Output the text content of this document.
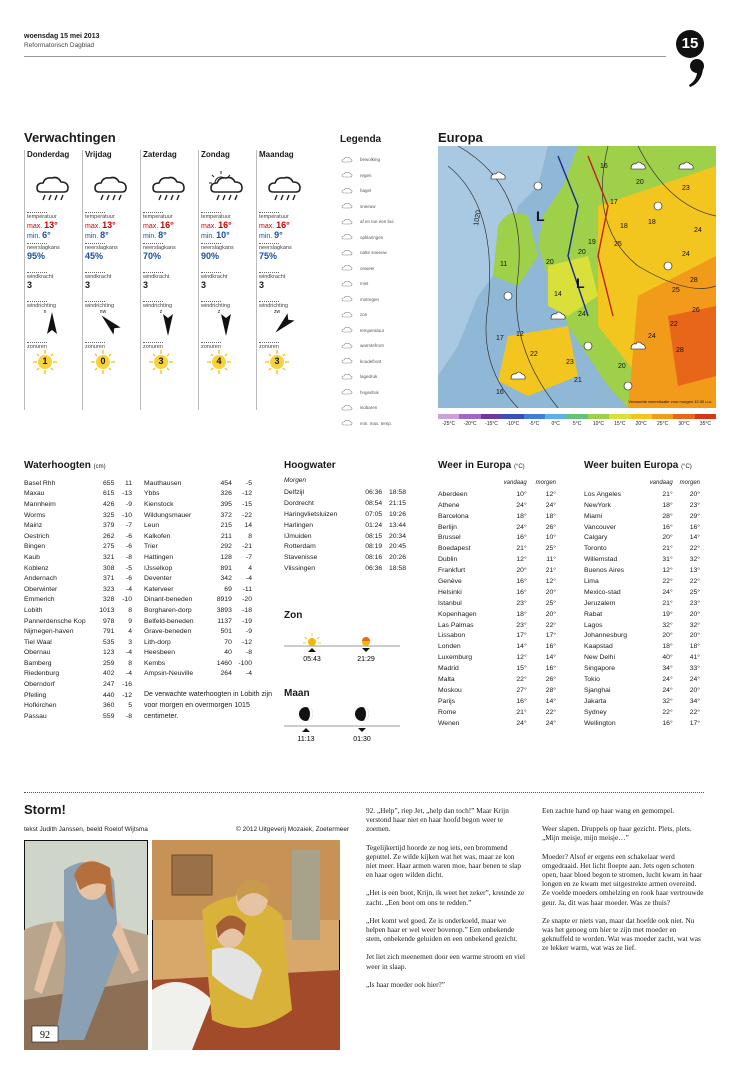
woensdag 15 mei 2013
Reformatorisch Dagblad	15
Verwachtingen
Donderdag
temperatuur
max. 13°
min. 6°
neerslagkans
95%
windkracht
3
windrichting
n
zonuren
1
Vrijdag
temperatuur
max. 13°
min. 8°
neerslagkans
45%
windkracht
3
windrichting
nw
zonuren
0
Zaterdag
temperatuur
max. 16°
min. 8°
neerslagkans
70%
windkracht
3
windrichting
z
zonuren
3
Zondag
temperatuur
max. 16°
min. 10°
neerslagkans
90%
windkracht
3
windrichting
z
zonuren
4
Maandag
temperatuur
max. 16°
min. 9°
neerslagkans
75%
windkracht
3
windrichting
zw
zonuren
3
Legenda
bewolking
regen
hagel
sneeuw
af en toe een bui
opklaringen
natte sneeuw
onweer
mist
motregen
zon
temperatuur
warmtefront
koudefront
lagedruk
hogedruk
isobaren
min. max. temp.
Europa
L
L
1020
16
20
23
17
18
24
18
19
20	24
28
25
20
11
14
25
22
26
24
12
17
22
23
24
28
21
20
16
Verwachte weersituatie voor morgen 12.00 u.u.
-25°C	-20°C	-15°C	-10°C	-5°C	0°C	5°C	10°C	15°C	20°C	25°C	30°C	35°C
Waterhoogten (cm)
Basel Rhh	655	11
Maxau	615	-13
Mannheim	426	-9
Worms	325	-10
Mainz	379	-7
Oestrich	262	-6
Bingen	275	-6
Kaub	321	-8
Koblenz	308	-5
Andernach	371	-6
Oberwinter	323	-4
Emmerich	328	-10
Lobith	1013	8
Pannerdensche Kop	978	9
Nijmegen-haven	791	4
Tiel Waal	535	3
Obernau	123	-4
Bamberg	259	8
Riedenburg	402	-4
Oberndorf	247	-16
Pfelling	440	-12
Hofkirchen	360	5
Passau	559	-8
Mauthausen	454	-5
Ybbs	326	-12
Kienstock	395	-15
Wildungsmauer	372	-22
Leun	215	14
Kalkofen	211	8
Trier	292	-21
Hattingen	128	-7
IJsselkop	891	4
Deventer	342	-4
Katerveer	69	-11
Dinant-beneden	8919	-20
Borgharen-dorp	3893	-18
Belfeld-beneden	1137	-19
Grave-beneden	501	-9
Lith-dorp	70	-12
Heesbeen	40	-8
Kembs	1460	-100
Ampsin-Neuville	264	-4
De verwachte waterhoogten in Lobith zijn voor morgen en overmorgen 1015 centimeter.
Hoogwater
Morgen
Delfzijl	06:36	18:58
Dordrecht	08:54	21:15
Haringvlietsluizen	07:05	19:26
Harlingen	01:24	13:44
IJmuiden	08:15	20:34
Rotterdam	08:19	20:45
Stavenisse	08:16	20:26
Vlissingen	06:36	18:58
Zon
05:43	21:29
Maan
11:13	01:30
Weer in Europa (°C)
	vandaag	morgen
Aberdeen	10°	12°
Athene	24°	24°
Barcelona	18°	18°
Berlijn	24°	26°
Brussel	16°	10°
Boedapest	21°	25°
Dublin	12°	11°
Frankfurt	20°	21°
Genève	16°	12°
Helsinki	16°	20°
Istanbul	23°	25°
Kopenhagen	18°	20°
Las Palmas	23°	22°
Lissabon	17°	17°
Londen	14°	16°
Luxemburg	12°	14°
Madrid	15°	16°
Malta	22°	26°
Moskou	27°	28°
Parijs	16°	14°
Rome	21°	22°
Wenen	24°	24°
Weer buiten Europa (°C)
	vandaag	morgen
Los Angeles	21°	20°
NewYork	18°	23°
Miami	28°	29°
Vancouver	16°	16°
Calgary	20°	14°
Toronto	21°	22°
Willemstad	31°	32°
Buenos Aires	12°	13°
Lima	22°	22°
Mexico-stad	24°	25°
Jeruzalem	21°	23°
Rabat	19°	20°
Lagos	32°	32°
Johannesburg	20°	20°
Kaapstad	18°	18°
New Delhi	40°	41°
Singapore	34°	33°
Tokio	24°	24°
Sjanghai	24°	20°
Jakarta	32°	34°
Sydney	22°	22°
Wellington	16°	17°
Storm!
tekst Judith Janssen, beeld Roelof Wijtsma	© 2012 Uitgeverij Mozaiek, Zoetermeer
92

92. „Help”, riep Jet, „help dan toch!” Maar Krijn verstond haar niet en haar hoofd begon weer te zoemen.

Tegelijkertijd hoorde ze nog iets, een brommend geputtel. Ze wilde kijken wat het was, maar ze kon niet meer. Haar armen waren moe, haar benen te slap en haar ogen wilden dicht.

„Het is een boot, Krijn, ik weet het zeker”, kreunde ze zacht. „Een boot om ons te redden.”

„Het komt wel goed. Ze is onderkoeld, maar we helpen haar er wel weer bovenop.” Een onbekende stem, onbekende geluiden en een onbekend gezicht.

Jet liet zich meenemen door een warme stroom en viel weer in slaap.

„Is haar moeder ook hier?”

Een zachte hand op haar wang en gemompel.

Weer slapen. Druppels op haar gezicht. Plets, plets. „Mijn meisje, mijn meisje…”

Moeder? Alsof er ergens een schakelaar werd omgedraaid. Het licht floepte aan. Jets ogen schoten open, haar bloed begon te stromen, lucht kwam in haar longen en ze kwam met uitgestrekte armen overeind. Ze voelde moeders omhelzing en rook haar vertrouwde geur. Ja, dit was haar moeder. Was ze thuis?

Ze snapte er niets van, maar dat hoefde ook niet. Nu was het genoeg om hier te zijn met moeder en geknuffeld te worden. Wat was moeder zacht, wat was ze lekker warm, wat was ze lief.
